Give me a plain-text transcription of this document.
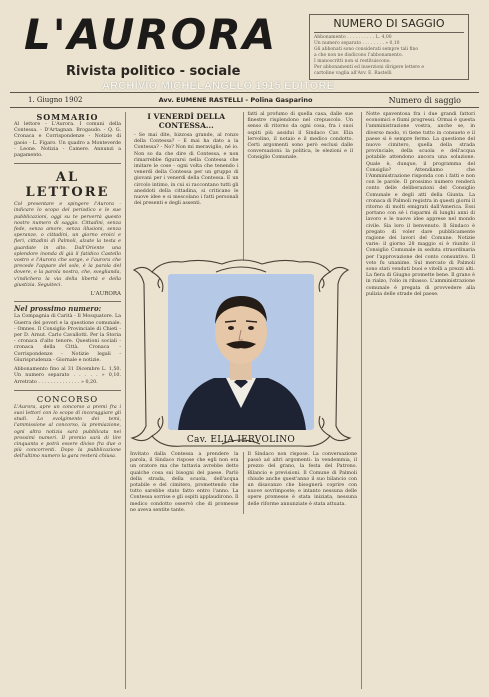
L'AURORA
Rivista politico - sociale
ARCHIVIO MICHELANGELO 1915 EDITORE
NUMERO DI SAGGIO
Abbonamento . . . . . . . . . . L. 4,00
Un numero separato . . . . . . . . » 0,10
Gli abbonati sono considerati sempre tali fino
a che non ne disdicono l'abbonamento.
I manoscritti non si restituiscono.
Per abbonamenti ed inserzioni dirigere lettere e
cartoline vaglia all'Avv. E. Rastelli
1. Giugno 1902	Avv. EUMENE RASTELLI - Polina Gasparino	Numero di saggio
SOMMARIO
Al lettore - L'Aurora. I comuni della Contessa. - D'Artagnan. Brogaudo. - Q. G. Cronaca e Corrispondenze - Notizie di gaoio - L. Figaro. Un quadro a Monteverde - Leone. Notizia - Camere. Annunzi a pagamento.
AL LETTORE
Col presentare e spingere l'Aurora - indicare lo scopo del periodico e le sue pubblicazioni, oggi su te perverrà questo nostro numero di saggio. Cittadini, senza fede, senza amore, senza illusioni, senza speranze, o cittadini, un giorno eroici e fieri, cittadini di Palmoli, alzate la testa e guardate in alto. Dall'Oriente una splendore inonda di già il fatidico Castello vostro e l'Aurora che sorge, e l'aurora che precede l'appare del sole, è la parola del dovere, e la parola nostra, che, sveglianda, v'indichera la via della libertà e della giustizia. Seguiteci.
L'AURORA
Nel prossimo numero:
La Compagnia di Carità - Il Mosquatore. La Guerra dei poveri e la questione comunale. - Omnes. Il Consiglio Provinciale di Chieti - per D. Arnut. Carlo Cavallotti. Per la Storia - cronaca d'alto tenore. Questioni sociali - cronaca della Città. Cronaca - Corrispondenze - Notizie legali - Giurisprudenza - Giornale e notizie.
Abbonamento fino al 31 Dicembre L. 1,50. Un numero separato . . . . . » 0,10. Arretrato . . . . . . . . . . . . . . » 0,20.
CONCORSO
L'Aurora, apre un concorso a premi fra i suoi lettori con lo scopo di incoraggiare gli studi. Lo svolgimento dei temi, l'ammissione al concorso, la premiazione, ogni altra notizia sarà pubblicata nei prossimi numeri. Il premio sarà di lire cinquanta e potrà essere diviso fra due o più concorrenti. Dopo la pubblicazione dell'ultimo numero la gara resterà chiusa.
I VENERDÌ DELLA CONTESSA...
- Se mai dite, bizzosa grande, al ronzo della Contessa? - E mai ha dato a la Contessa? - No? Non mi meraviglio, né io. Non so da che dire di Contessa, e non rimarrebbe figurarsi nella Contessa che imitare le cose - ogni volta che tenendo i venerdì della Contessa per un gruppo di giovani per i venerdì della Contessa. E un circolo intimo, in cui si raccontano tutti gli aneddoti della cittadina, si criticano le nuove idee e si mescolano i fatti personali dei presenti e degli assenti.
fatti al profumo di quella casa, dalle sue finestre risplendono nel crepuscolo. Un senso di ritorno da ogni cosa, fra i suoi ospiti più assidui il Sindaco Cav. Elia Iervolino, il notaio e il medico condotto. Certi argomenti sono però esclusi dalle conversazioni: la politica, le elezioni e il Consiglio Comunale.
Cav. ELIA IERVOLINO
Invitato dalla Contessa a prendere la parola, il Sindaco rispose che egli non era un oratore ma che tuttavia avrebbe detto qualche cosa sui bisogni del paese. Parlò della strada, della scuola, dell'acqua potabile e del cimitero, promettendo che tutto sarebbe stato fatto entro l'anno. La Contessa sorrise e gli ospiti applaudirono. Il medico condotto osservò che di promesse ne aveva sentite tante.
Il Sindaco non rispose. La conversazione passò ad altri argomenti: la vendemmia, il prezzo del grano, la festa del Patrono. Bilancio e previsioni. Il Comune di Palmoli chiude anche quest'anno il suo bilancio con un disavanzo che bisognerà coprire con nuove sovrimposte; e intanto nessuna delle opere promesse è stata iniziata, nessuna delle riforme annunziate è stata attuata.
Notte spaventosa fra i due grandi fattori economici e fiumi progressi. Ormai è questa l'amministrazione vostra, anche se, in diverso modo, vi tiene tutto in consueto e il paese si è sempre fermo. La questione del nuovo cimitero, quella della strada provinciale, della scuola e dell'acqua potabile attendono ancora una soluzione. Quale è, dunque, il programma del Consiglio? Attendiamo che l'Amministrazione risponda con i fatti e non con le parole. Il prossimo numero renderà conto delle deliberazioni del Consiglio Comunale e degli atti della Giunta. La cronaca di Palmoli registra in questi giorni il ritorno di molti emigrati dall'America. Essi portano con sé i risparmi di lunghi anni di lavoro e le nuove idee apprese nel mondo civile. Sia loro il benvenuto. Il Sindaco è pregato di voler dare pubblicamente ragione dei lavori del Comune. Notizie varie: il giorno 28 maggio si è riunito il Consiglio Comunale in seduta straordinaria per l'approvazione del conto consuntivo. Il voto fu unanime. Sul mercato di Palmoli sono stati venduti buoi e vitelli a prezzi alti. La fiera di Giugno promette bene. Il grano è in rialzo, l'olio in ribasso. L'amministrazione comunale è pregata di provvedere alla pulizia delle strade del paese.
